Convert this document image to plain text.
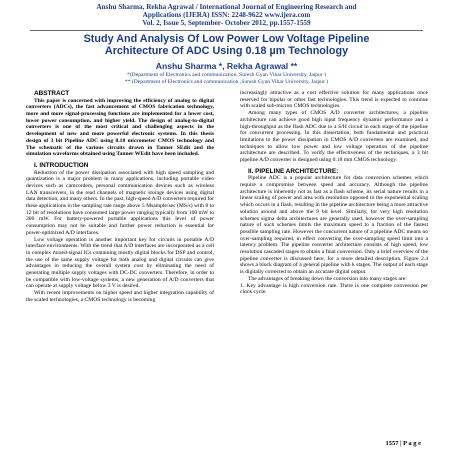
Anshu Sharma, Rekha Agrawal / International Journal of Engineering Research and
Applications (IJERA) ISSN: 2248-9622 www.ijera.com
Vol. 2, Issue 5, September- October 2012, pp.1557-1559
Study And Analysis Of Low Power Low Voltage Pipeline
Architecture Of ADC Using 0.18 µm Technology
Anshu Sharma *, Rekha Agrawal **
*(Department of Electronics and communication, Suresh Gyan Vihar University, Jaipur )
** (Department of Electronics and communication ,Suresh Gyan Vihar University, Jaipur )

ABSTRACT

This paper is concerned with improving the efficiency of analog to digital converters (ADCs), the fast advancement of CMOS fabrication technology, more and more signal-processing functions are implemented for a lower cost, lower power consumption, and higher yield. The design of analog-to-digital converters is one of the most critical and challenging aspects in the development of new and more powerful electronic systems. In this thesis design of 3 bit Pipeline ADC using 0.18 micrometer CMOS technology and The schematic of the various circuits drawn in Tanner SEdit and the simulation waveforms obtained using Tanner WEdit have been included.

I. INTRODUCTION

Reduction of the power dissipation associated with high speed sampling and quantization is a major problem in many applications, including portable video devices such as camcorders, personal communication devices such as wireless LAN transceivers, in the read channels of magnetic storage devices using digital data detection, and many others. In the past, high-speed A/D converters required for these applications in the sampling rate range above 5 Msample/sec (MS/s) with 8 to 12 bit of resolutions have consumed large power ranging typically from 100 mW to 300 mW. For battery-powered portable applications this level of power consumption may not be suitable and further power reduction is essential for power-optimized A/D interfaces.

Low voltage operation is another important key for circuits in portable A/D interface environments. With the trend that A/D interfaces are incorporated as a cell in complex mixed-signal ICs containing mostly digital blocks for DSP and control, the use of the same supply voltage for both analog and digital circuits can give advantages in reducing the overall system cost by eliminating the need of generating multiple supply voltages with DC-DC converters. Therefore, in order to be compatible with low-voltage systems, a new generation of A/D converters that can operate at supply voltage below 3 V is desired.

With recent improvements on higher speed and higher integration capability of the scaled technologies, a CMOS technology is becoming

increasingly attractive as a cost effective solution for many applications once reserved for bipolar or other fast technologies. This trend is expected to continue with scaled sub-micron CMOS technologies.

Among many types of CMOS A/D converter architectures, a pipeline architecture can achieve good high input frequency dynamic performance and a high-throughput as the flash ADC due to a S/H circuit in each stage of the pipeline for concurrent processing. In this dissertation, both fundamental and practical limitations to the power dissipation in CMOS A/D converters are examined, and techniques to allow low power and low voltage operation of the pipeline architecture are described. To verify the effectiveness of the techniques, a 3 bit pipeline A/D converter is designed using 0.18 mm CMOS technology.

II. PIPELINE ARCHITECTURE:

Pipeline ADC is a popular architecture for data conversion schemes which require a compromise between speed and accuracy. Although the pipeline architecture is inherently not as fast as a flash scheme, its serial nature results in a linear scaling of power and area with resolution opposed to the exponential scaling which occurs in a flash, resulting in the pipeline architecture being a more attractive solution around and above the 9 bit level. Similarly, for very high resolution schemes sigma delta architectures are generally used, however the over-sampling nature of such schemes limits the maximum speed to a fraction of the fastest possible sampling rate. However the concurrent nature of a pipeline ADC means no over-sampling required, in effect converting the over-sampling speed limit into a latency problem. The pipeline converter architecture consists of high speed, low resolution cascaded stages to obtain a final conversion. Only a brief overview of the pipeline converter is discussed here, for a more detailed description. Figure 2.4 shows a block diagram of a general pipeline with k stages. The output of each stage is digitally corrected to obtain an accurate digital output.

The advantages of breaking down the conversion into many stages are:

1. Key advantage is high conversion rate. There is one complete conversion per clock cycle.

1557 | P a g e
